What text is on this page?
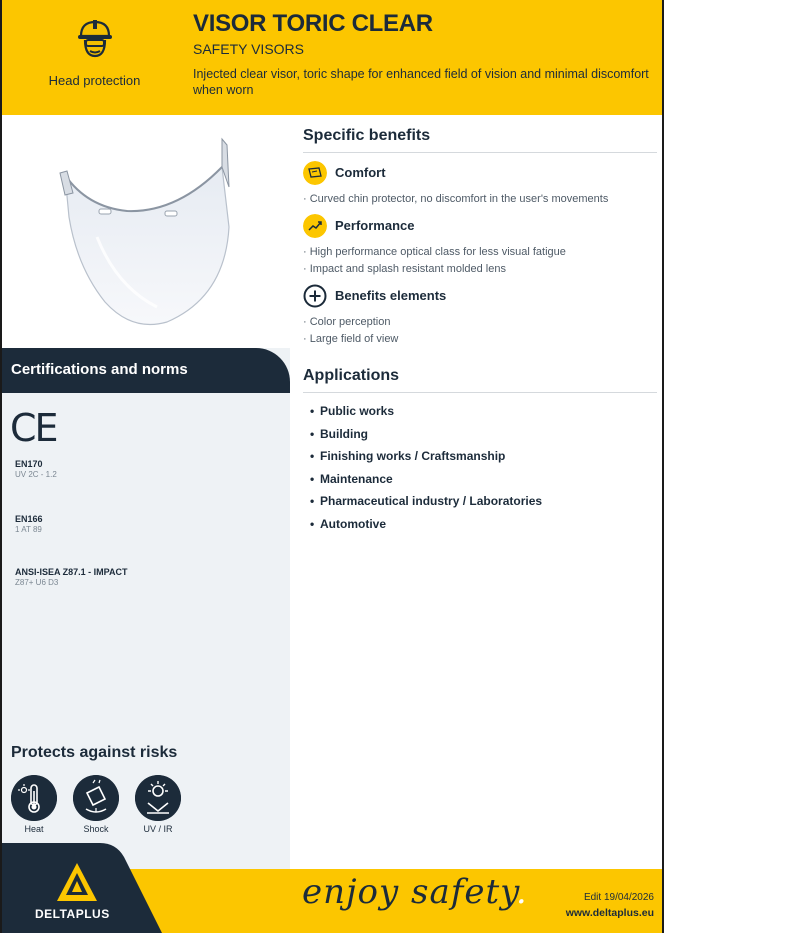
Head protection
VISOR TORIC CLEAR
SAFETY VISORS
Injected clear visor, toric shape for enhanced field of vision and minimal discomfort when worn
Certifications and norms
CE
EN170
UV 2C - 1.2
EN166
1 AT 89
ANSI-ISEA Z87.1 - IMPACT
Z87+ U6 D3
Protects against risks
Heat	Shock	UV / IR
Specific benefits
Comfort
· Curved chin protector, no discomfort in the user's movements
Performance
· High performance optical class for less visual fatigue
· Impact and splash resistant molded lens
Benefits elements
· Color perception
· Large field of view
Applications
• Public works
• Building
• Finishing works / Craftsmanship
• Maintenance
• Pharmaceutical industry / Laboratories
• Automotive
DELTAPLUS
enjoy safety.	Edit 19/04/2026
www.deltaplus.eu
